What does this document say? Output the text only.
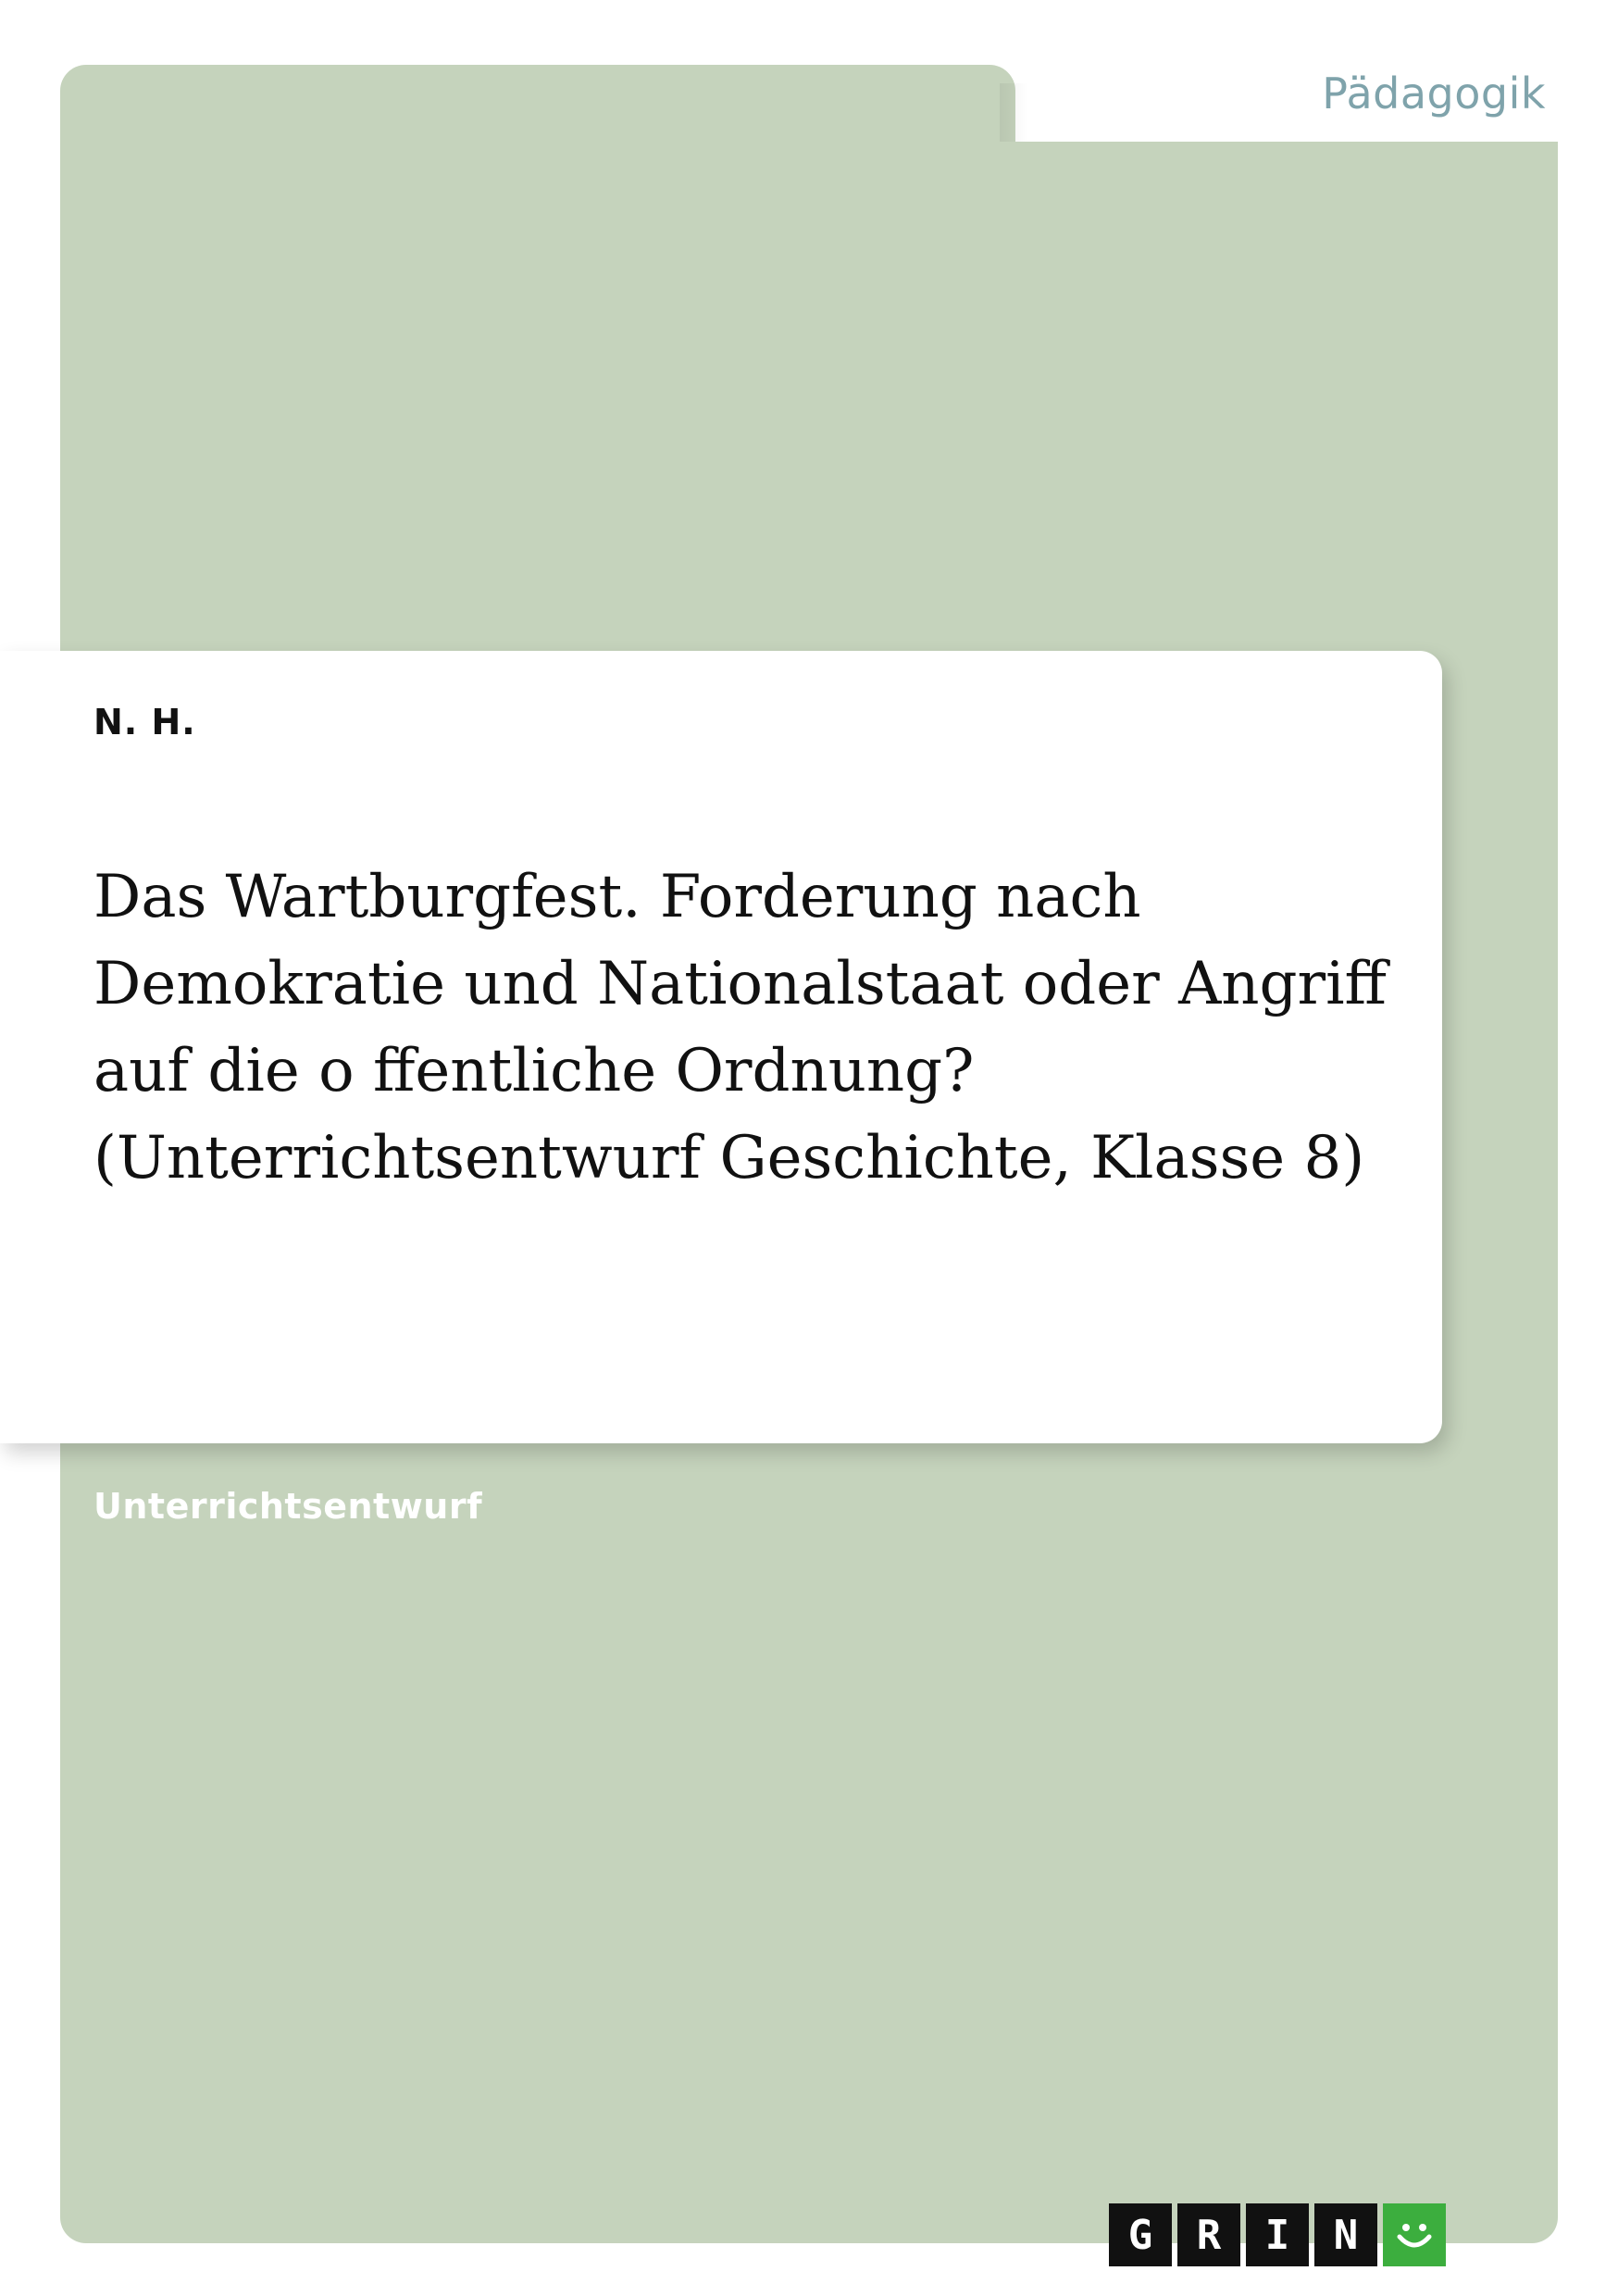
Pädagogik
N. H.
Das Wartburgfest. Forderung nach
Demokratie und Nationalstaat oder Angriff
auf die o ffentliche Ordnung?
(Unterrichtsentwurf Geschichte, Klasse 8)
Unterrichtsentwurf
G	R	I	N
